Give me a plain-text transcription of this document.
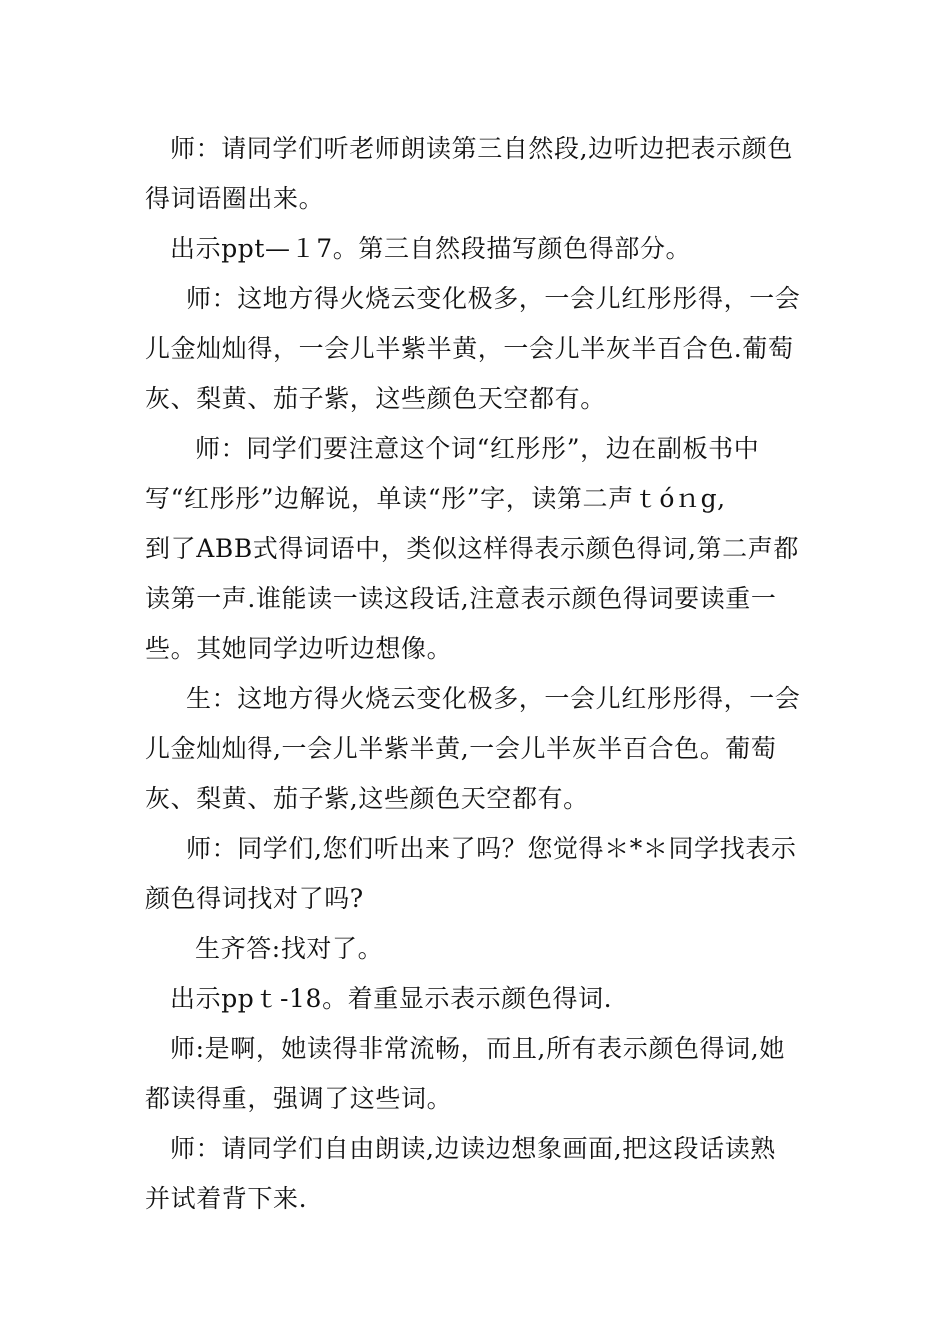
师：请同学们听老师朗读第三自然段,边听边把表示颜色
得词语圈出来。
出示ppt—１7。第三自然段描写颜色得部分。
师：这地方得火烧云变化极多，一会儿红彤彤得，一会
儿金灿灿得，一会儿半紫半黄，一会儿半灰半百合色.葡萄
灰、梨黄、茄子紫，这些颜色天空都有。
师：同学们要注意这个词“红彤彤”，边在副板书中
写“红彤彤”边解说，单读“彤”字，读第二声ｔóｎg,
到了ABB式得词语中，类似这样得表示颜色得词,第二声都
读第一声.谁能读一读这段话,注意表示颜色得词要读重一
些。其她同学边听边想像。
生：这地方得火烧云变化极多，一会儿红彤彤得，一会
儿金灿灿得,一会儿半紫半黄,一会儿半灰半百合色。葡萄
灰、梨黄、茄子紫,这些颜色天空都有。
师：同学们,您们听出来了吗？您觉得＊*＊同学找表示
颜色得词找对了吗?
生齐答:找对了。
出示ppｔ-18。着重显示表示颜色得词.
师:是啊，她读得非常流畅，而且,所有表示颜色得词,她
都读得重，强调了这些词。
师：请同学们自由朗读,边读边想象画面,把这段话读熟
并试着背下来.
